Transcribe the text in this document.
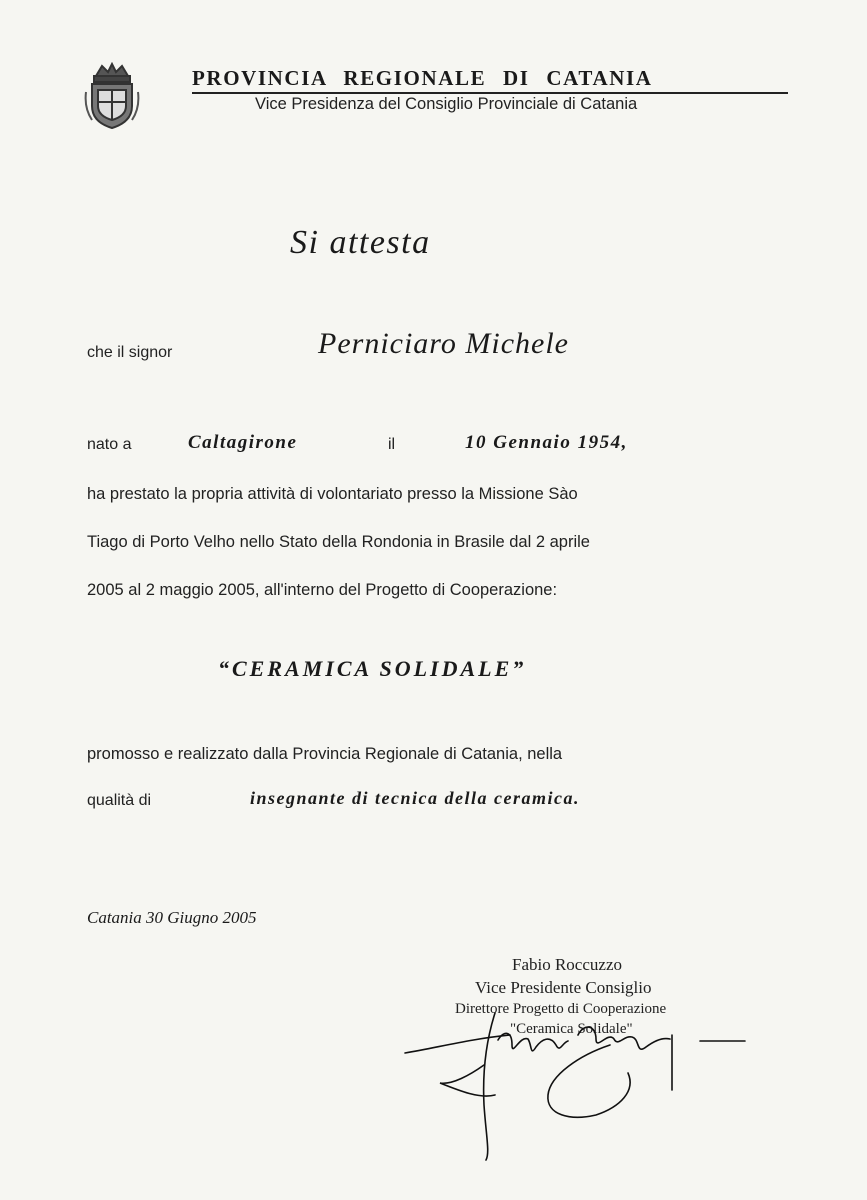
PROVINCIA REGIONALE DI CATANIA
Vice Presidenza del Consiglio Provinciale di Catania
Si attesta
che il signor	Perniciaro Michele
nato a	Caltagirone	il	10 Gennaio 1954,
ha prestato la propria attività di volontariato presso la Missione Sào
Tiago di Porto Velho nello Stato della Rondonia in Brasile dal 2 aprile
2005 al 2 maggio 2005, all'interno del Progetto di Cooperazione:
“CERAMICA SOLIDALE”
promosso e realizzato dalla Provincia Regionale di Catania, nella
qualità di	insegnante di tecnica della ceramica.
Catania 30 Giugno 2005
Fabio Roccuzzo
Vice Presidente Consiglio
Direttore Progetto di Cooperazione
"Ceramica Solidale"
